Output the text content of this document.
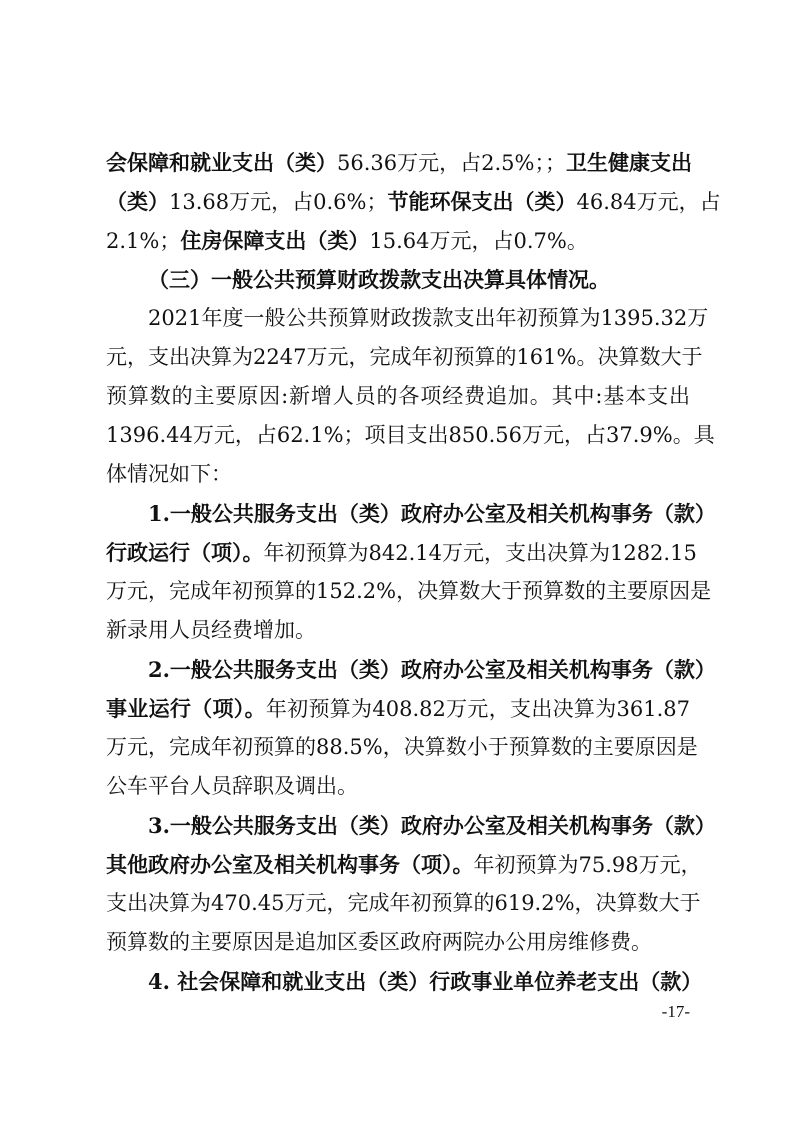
会保障和就业支出（类）56.36万元，占2.5%；；卫生健康支出
（类）13.68万元，占0.6%；节能环保支出（类）46.84万元，占
2.1%；住房保障支出（类）15.64万元，占0.7%。
（三）一般公共预算财政拨款支出决算具体情况。
2021年度一般公共预算财政拨款支出年初预算为1395.32万
元，支出决算为2247万元，完成年初预算的161%。决算数大于
预算数的主要原因:新增人员的各项经费追加。其中:基本支出
1396.44万元，占62.1%；项目支出850.56万元，占37.9%。具
体情况如下：
1.一般公共服务支出（类）政府办公室及相关机构事务（款）
行政运行（项）。年初预算为842.14万元，支出决算为1282.15
万元，完成年初预算的152.2%，决算数大于预算数的主要原因是
新录用人员经费增加。
2.一般公共服务支出（类）政府办公室及相关机构事务（款）
事业运行（项）。年初预算为408.82万元，支出决算为361.87
万元，完成年初预算的88.5%，决算数小于预算数的主要原因是
公车平台人员辞职及调出。
3.一般公共服务支出（类）政府办公室及相关机构事务（款）
其他政府办公室及相关机构事务（项）。年初预算为75.98万元，
支出决算为470.45万元，完成年初预算的619.2%，决算数大于
预算数的主要原因是追加区委区政府两院办公用房维修费。
4. 社会保障和就业支出（类）行政事业单位养老支出（款）
-17-
